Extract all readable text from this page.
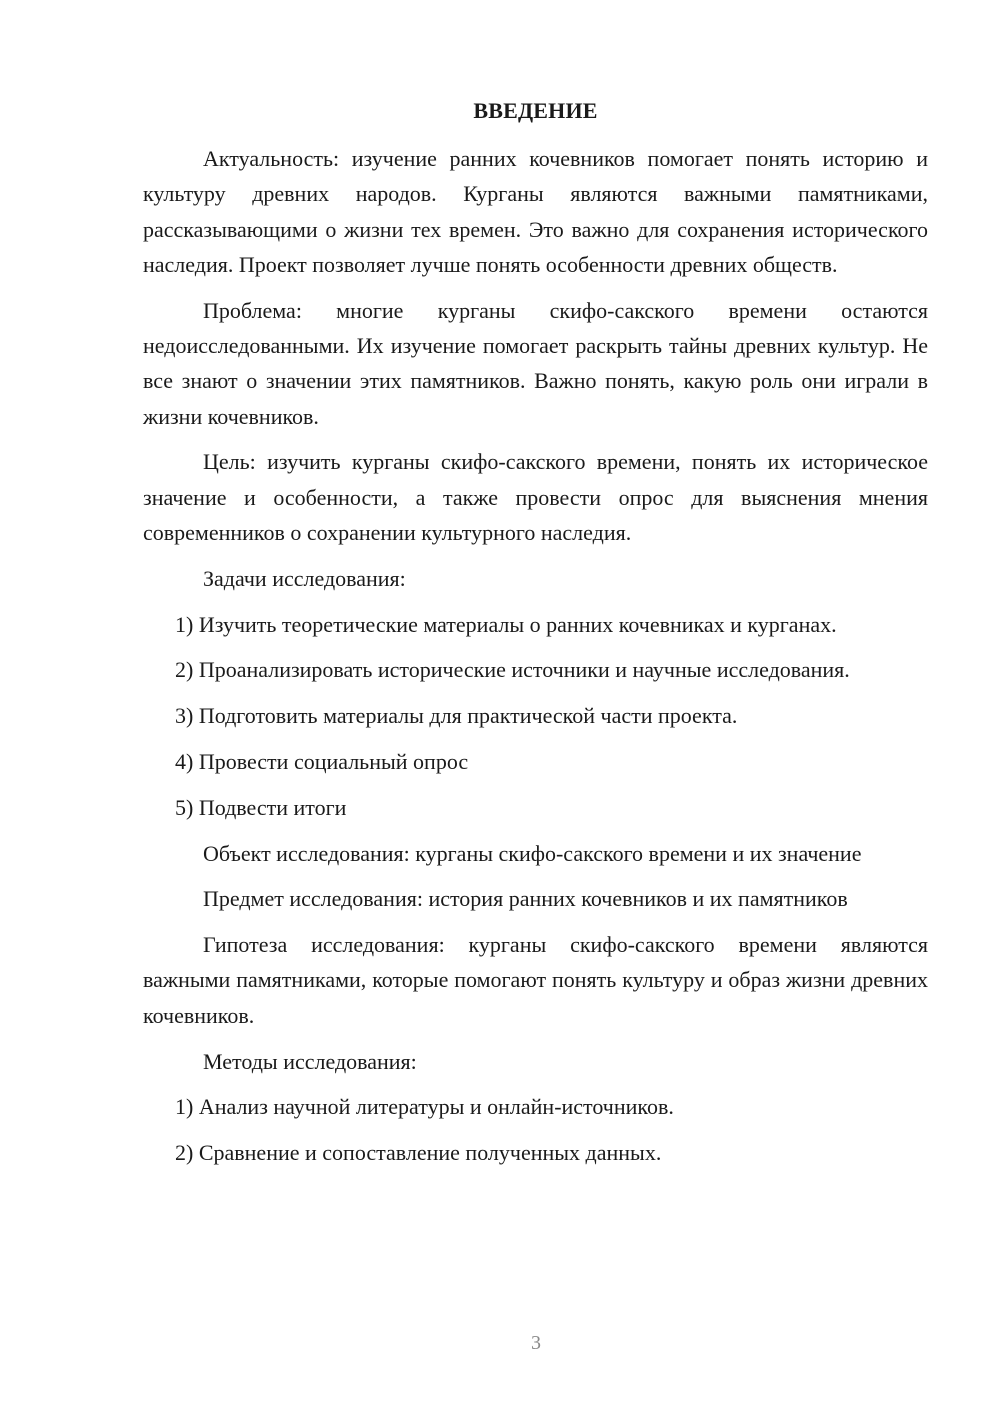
ВВЕДЕНИЕ

Актуальность: изучение ранних кочевников помогает понять историю и культуру древних народов. Курганы являются важными памятниками, рассказывающими о жизни тех времен. Это важно для сохранения исторического наследия. Проект позволяет лучше понять особенности древних обществ.

Проблема: многие курганы скифо-сакского времени остаются недоисследованными. Их изучение помогает раскрыть тайны древних культур. Не все знают о значении этих памятников. Важно понять, какую роль они играли в жизни кочевников.

Цель: изучить курганы скифо-сакского времени, понять их историческое значение и особенности, а также провести опрос для выяснения мнения современников о сохранении культурного наследия.

Задачи исследования:

1) Изучить теоретические материалы о ранних кочевниках и курганах.

2) Проанализировать исторические источники и научные исследования.

3) Подготовить материалы для практической части проекта.

4) Провести социальный опрос

5) Подвести итоги

Объект исследования: курганы скифо-сакского времени и их значение

Предмет исследования: история ранних кочевников и их памятников

Гипотеза исследования: курганы скифо-сакского времени являются важными памятниками, которые помогают понять культуру и образ жизни древних кочевников.

Методы исследования:

1) Анализ научной литературы и онлайн-источников.

2) Сравнение и сопоставление полученных данных.

3
